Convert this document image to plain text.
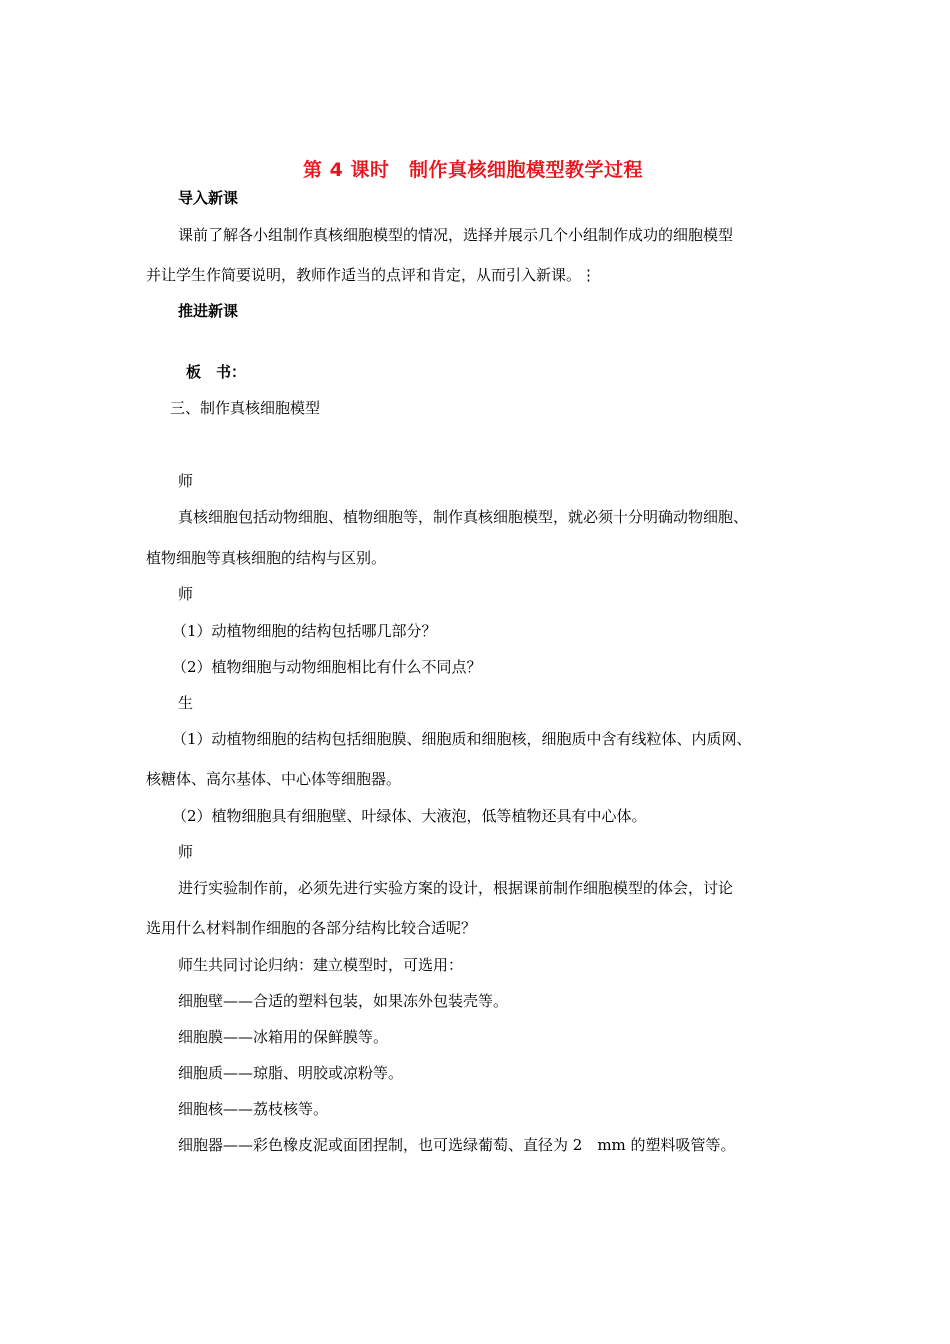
第 4 课时　制作真核细胞模型教学过程
导入新课
课前了解各小组制作真核细胞模型的情况，选择并展示几个小组制作成功的细胞模型
并让学生作简要说明，教师作适当的点评和肯定，从而引入新课。⋮
推进新课
板　书：
三、制作真核细胞模型
师
真核细胞包括动物细胞、植物细胞等，制作真核细胞模型，就必须十分明确动物细胞、
植物细胞等真核细胞的结构与区别。
师
（1）动植物细胞的结构包括哪几部分？
（2）植物细胞与动物细胞相比有什么不同点？
生
（1）动植物细胞的结构包括细胞膜、细胞质和细胞核，细胞质中含有线粒体、内质网、
核糖体、高尔基体、中心体等细胞器。
（2）植物细胞具有细胞壁、叶绿体、大液泡，低等植物还具有中心体。
师
进行实验制作前，必须先进行实验方案的设计，根据课前制作细胞模型的体会，讨论
选用什么材料制作细胞的各部分结构比较合适呢？
师生共同讨论归纳：建立模型时，可选用：
细胞壁——合适的塑料包装，如果冻外包装壳等。
细胞膜——冰箱用的保鲜膜等。
细胞质——琼脂、明胶或凉粉等。
细胞核——荔枝核等。
细胞器——彩色橡皮泥或面团捏制，也可选绿葡萄、直径为 2　mm 的塑料吸管等。
